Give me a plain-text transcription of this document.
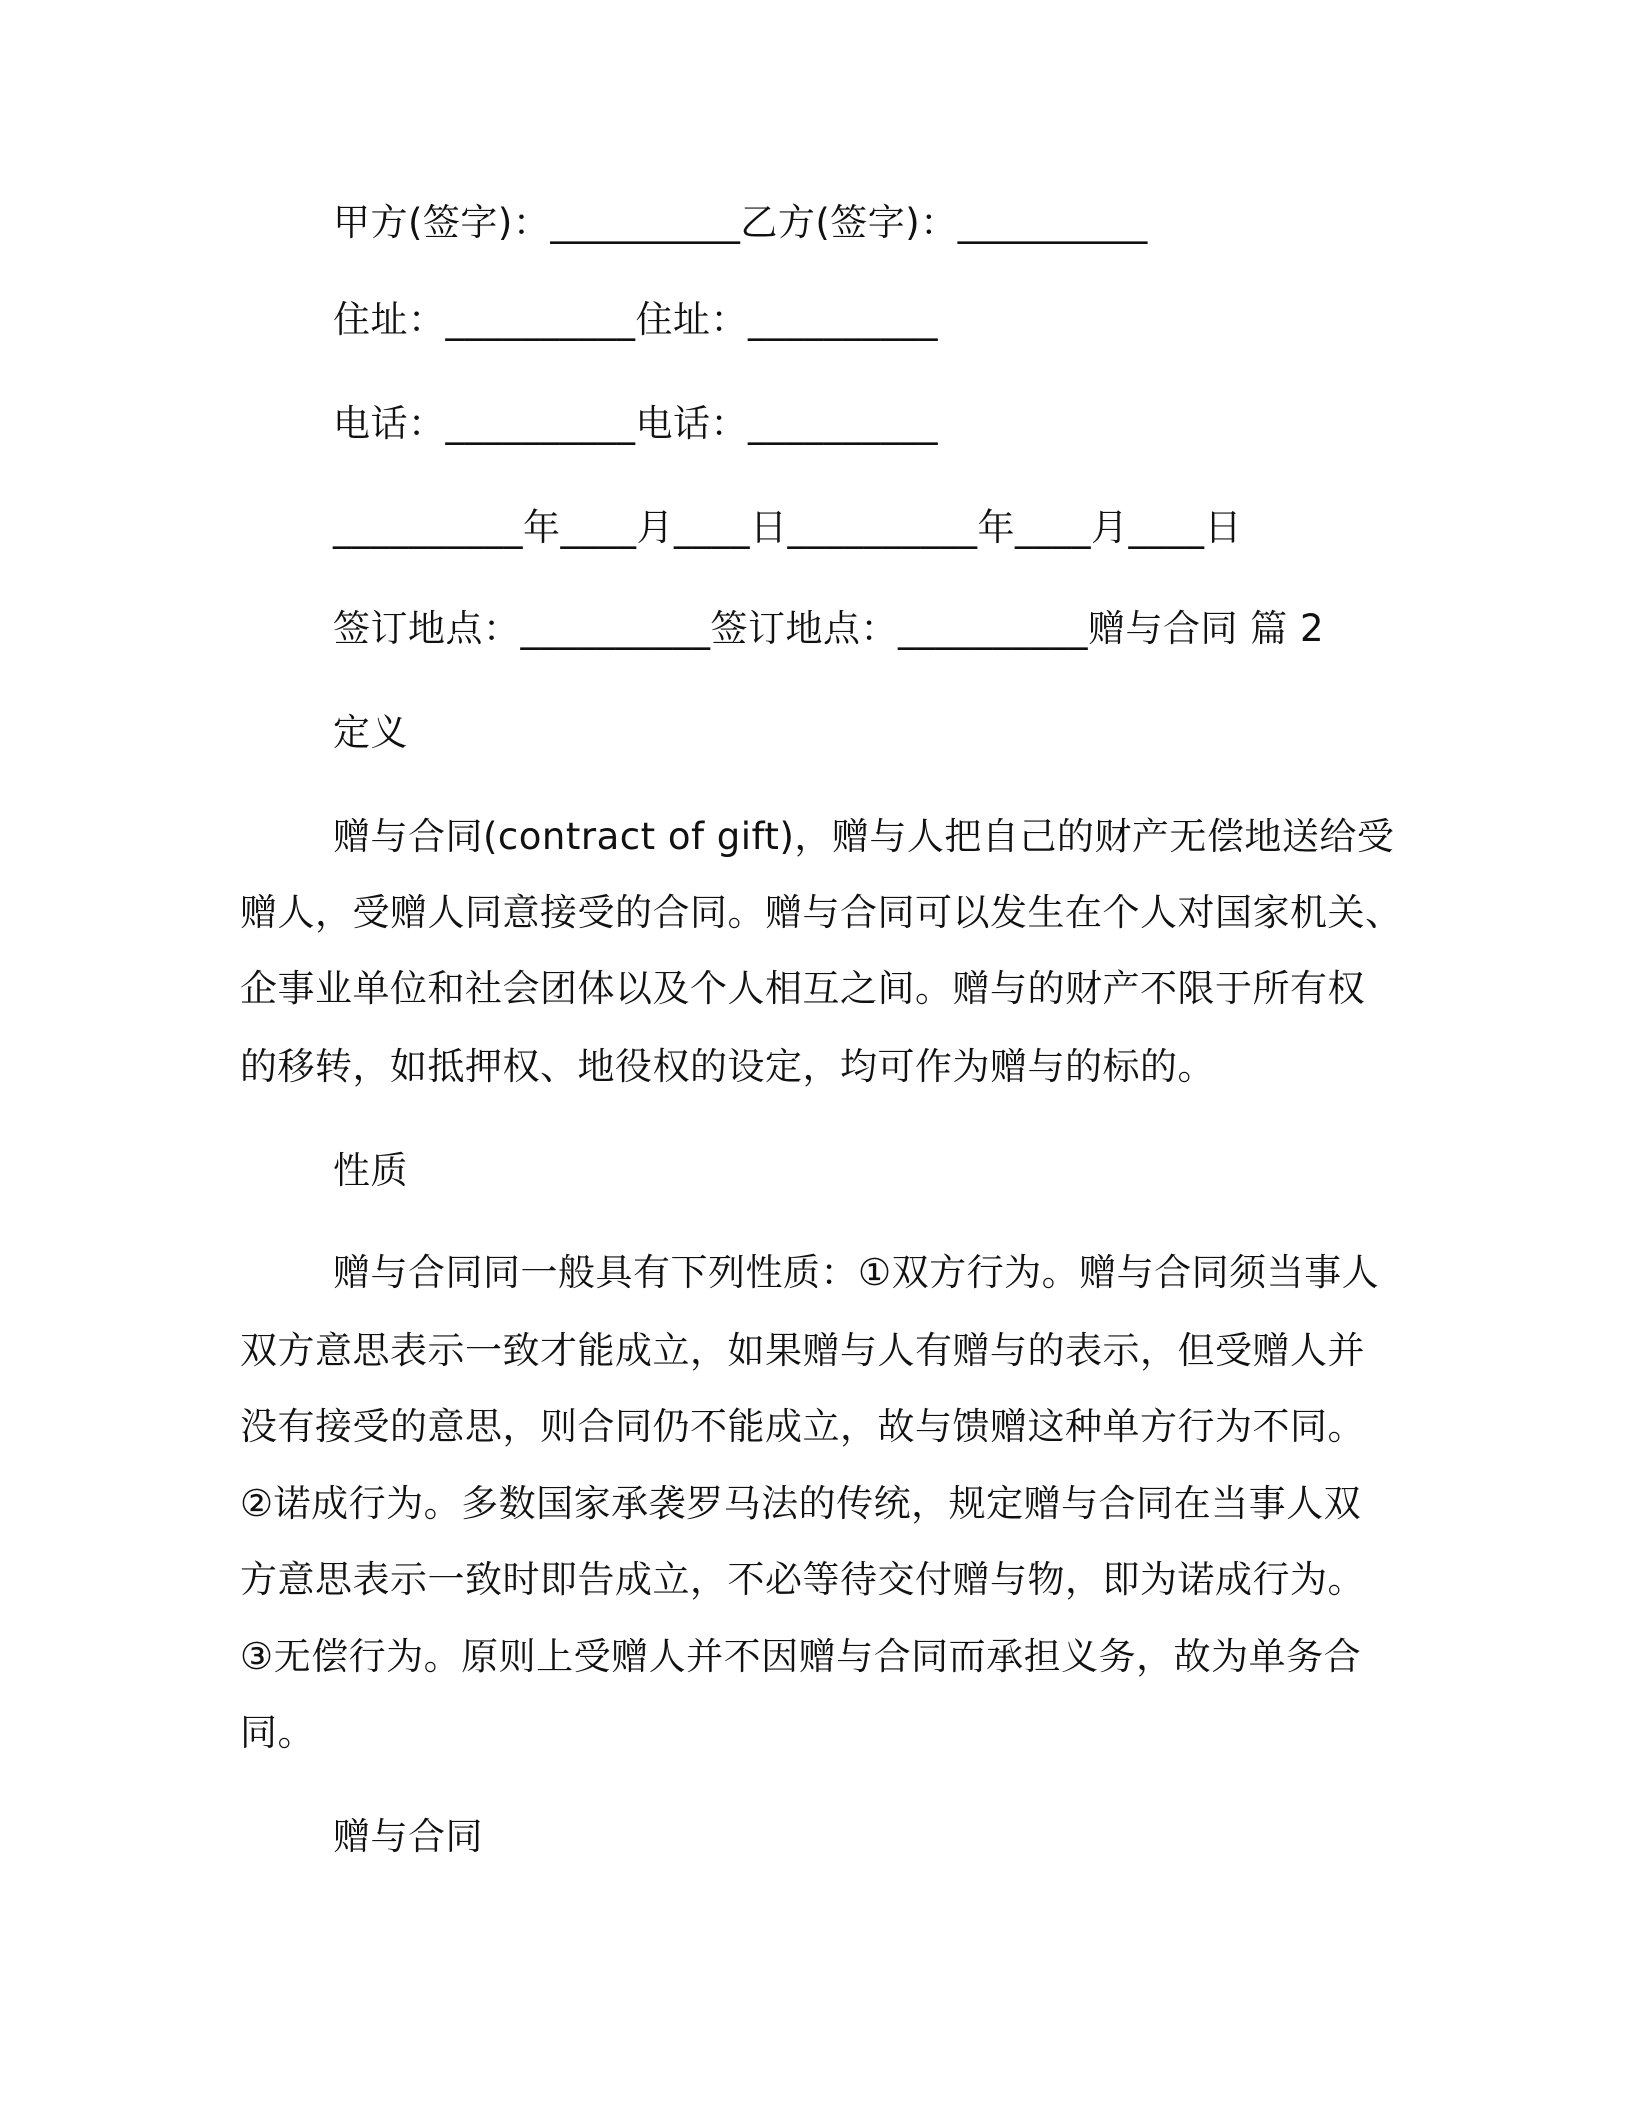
甲方(签字)：__________乙方(签字)：__________
住址：__________住址：__________
电话：__________电话：__________
__________年____月____日__________年____月____日
签订地点：__________签订地点：__________赠与合同 篇 2
定义
赠与合同(contract of gift)，赠与人把自己的财产无偿地送给受
赠人，受赠人同意接受的合同。赠与合同可以发生在个人对国家机关、
企事业单位和社会团体以及个人相互之间。赠与的财产不限于所有权
的移转，如抵押权、地役权的设定，均可作为赠与的标的。
性质
赠与合同同一般具有下列性质：①双方行为。赠与合同须当事人
双方意思表示一致才能成立，如果赠与人有赠与的表示，但受赠人并
没有接受的意思，则合同仍不能成立，故与馈赠这种单方行为不同。
②诺成行为。多数国家承袭罗马法的传统，规定赠与合同在当事人双
方意思表示一致时即告成立，不必等待交付赠与物，即为诺成行为。
③无偿行为。原则上受赠人并不因赠与合同而承担义务，故为单务合
同。
赠与合同
